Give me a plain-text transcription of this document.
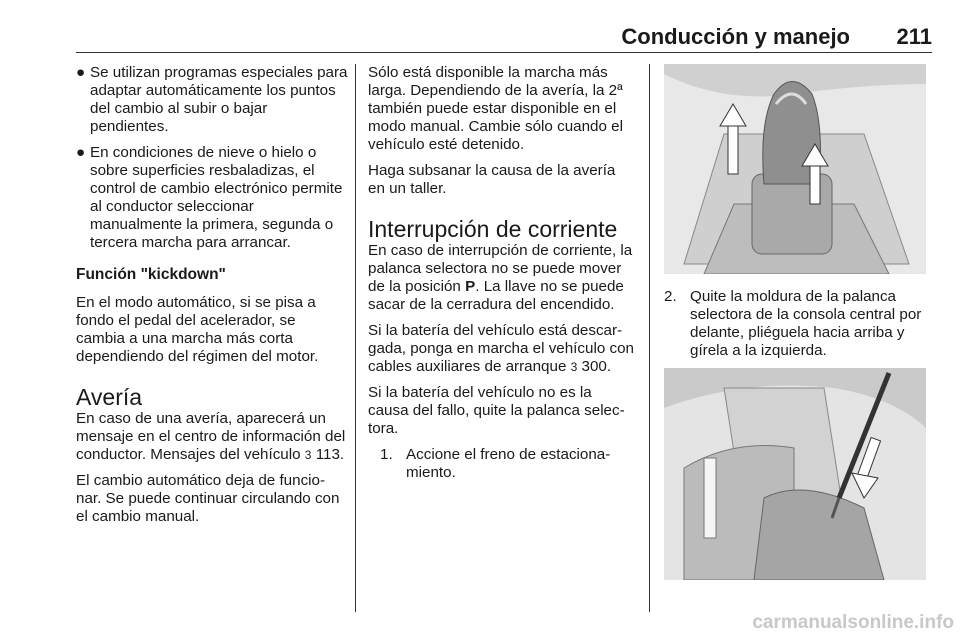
Conducción y manejo	211
● Se utilizan programas especiales para adaptar automáticamente los puntos del cambio al subir o bajar pendientes.
● En condiciones de nieve o hielo o sobre superficies resbaladizas, el control de cambio electrónico permite al conductor seleccionar manualmente la primera, segunda o tercera marcha para arrancar.
Función "kickdown"

En el modo automático, si se pisa a fondo el pedal del acelerador, se cambia a una marcha más corta dependiendo del régimen del motor.

Avería

En caso de una avería, aparecerá un mensaje en el centro de información del conductor. Mensajes del vehículo 3 113.

El cambio automático deja de funcio-nar. Se puede continuar circulando con el cambio manual.

Sólo está disponible la marcha más larga. Dependiendo de la avería, la 2ª también puede estar disponible en el modo manual. Cambie sólo cuando el vehículo esté detenido.

Haga subsanar la causa de la avería en un taller.

Interrupción de corriente

En caso de interrupción de corriente, la palanca selectora no se puede mover de la posición P. La llave no se puede sacar de la cerradura del encendido.

Si la batería del vehículo está descar-gada, ponga en marcha el vehículo con cables auxiliares de arranque 3 300.

Si la batería del vehículo no es la causa del fallo, quite la palanca selec-tora.

1. Accione el freno de estaciona-miento.
2. Quite la moldura de la palanca selectora de la consola central por delante, pliéguela hacia arriba y gírela a la izquierda.
carmanualsonline.info
